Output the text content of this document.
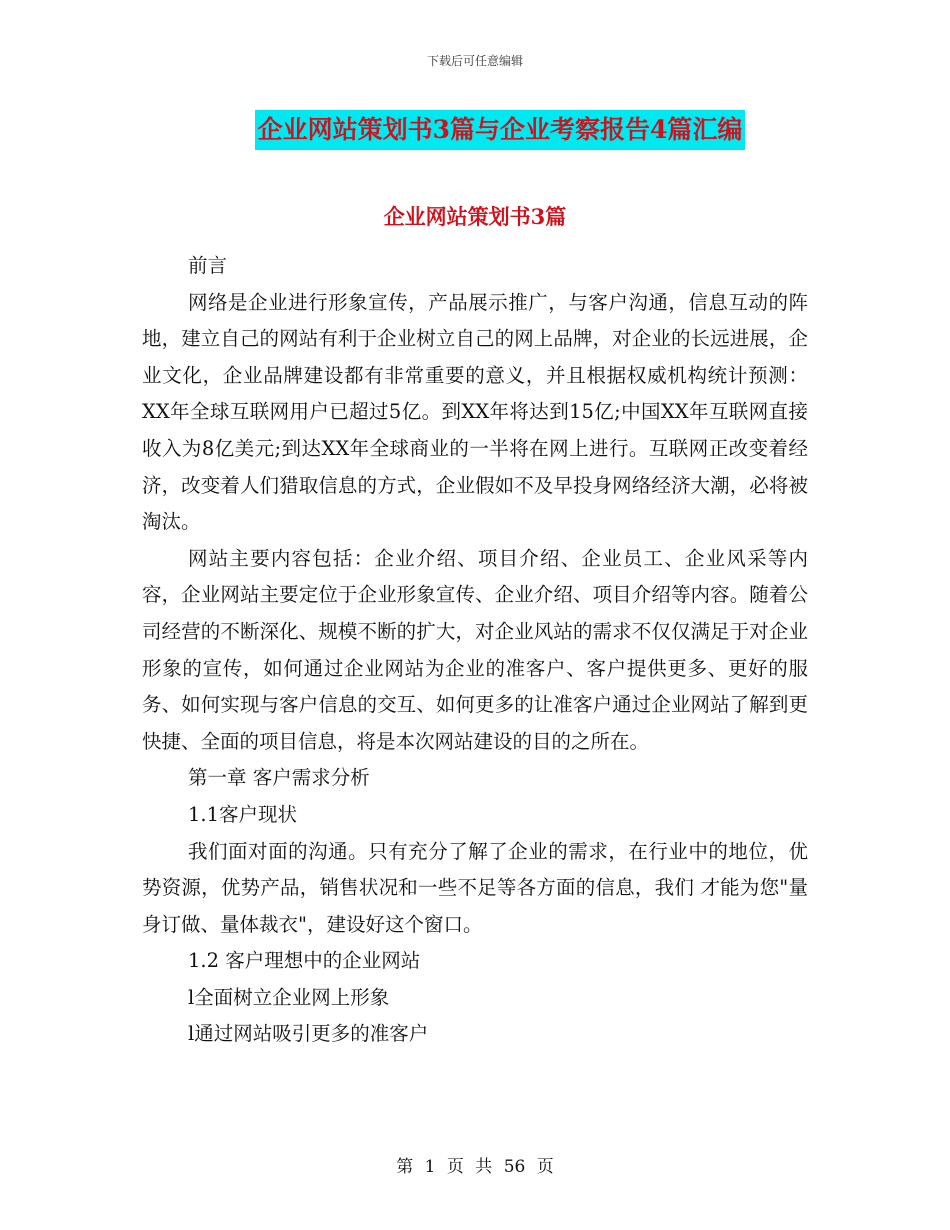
下载后可任意编辑
企业网站策划书3篇与企业考察报告4篇汇编
企业网站策划书3篇

前言

网络是企业进行形象宣传，产品展示推广，与客户沟通，信息互动的阵地，建立自己的网站有利于企业树立自己的网上品牌，对企业的长远进展，企业文化，企业品牌建设都有非常重要的意义，并且根据权威机构统计预测：XX年全球互联网用户已超过5亿。到XX年将达到15亿;中国XX年互联网直接收入为8亿美元;到达XX年全球商业的一半将在网上进行。互联网正改变着经济，改变着人们猎取信息的方式，企业假如不及早投身网络经济大潮，必将被淘汰。

网站主要内容包括：企业介绍、项目介绍、企业员工、企业风采等内容，企业网站主要定位于企业形象宣传、企业介绍、项目介绍等内容。随着公司经营的不断深化、规模不断的扩大，对企业风站的需求不仅仅满足于对企业形象的宣传，如何通过企业网站为企业的准客户、客户提供更多、更好的服务、如何实现与客户信息的交互、如何更多的让准客户通过企业网站了解到更快捷、全面的项目信息，将是本次网站建设的目的之所在。

第一章 客户需求分析

1.1客户现状

我们面对面的沟通。只有充分了解了企业的需求，在行业中的地位，优势资源，优势产品，销售状况和一些不足等各方面的信息，我们 才能为您"量身订做、量体裁衣"，建设好这个窗口。

1.2 客户理想中的企业网站

l全面树立企业网上形象

l通过网站吸引更多的准客户

第 1 页 共 56 页
